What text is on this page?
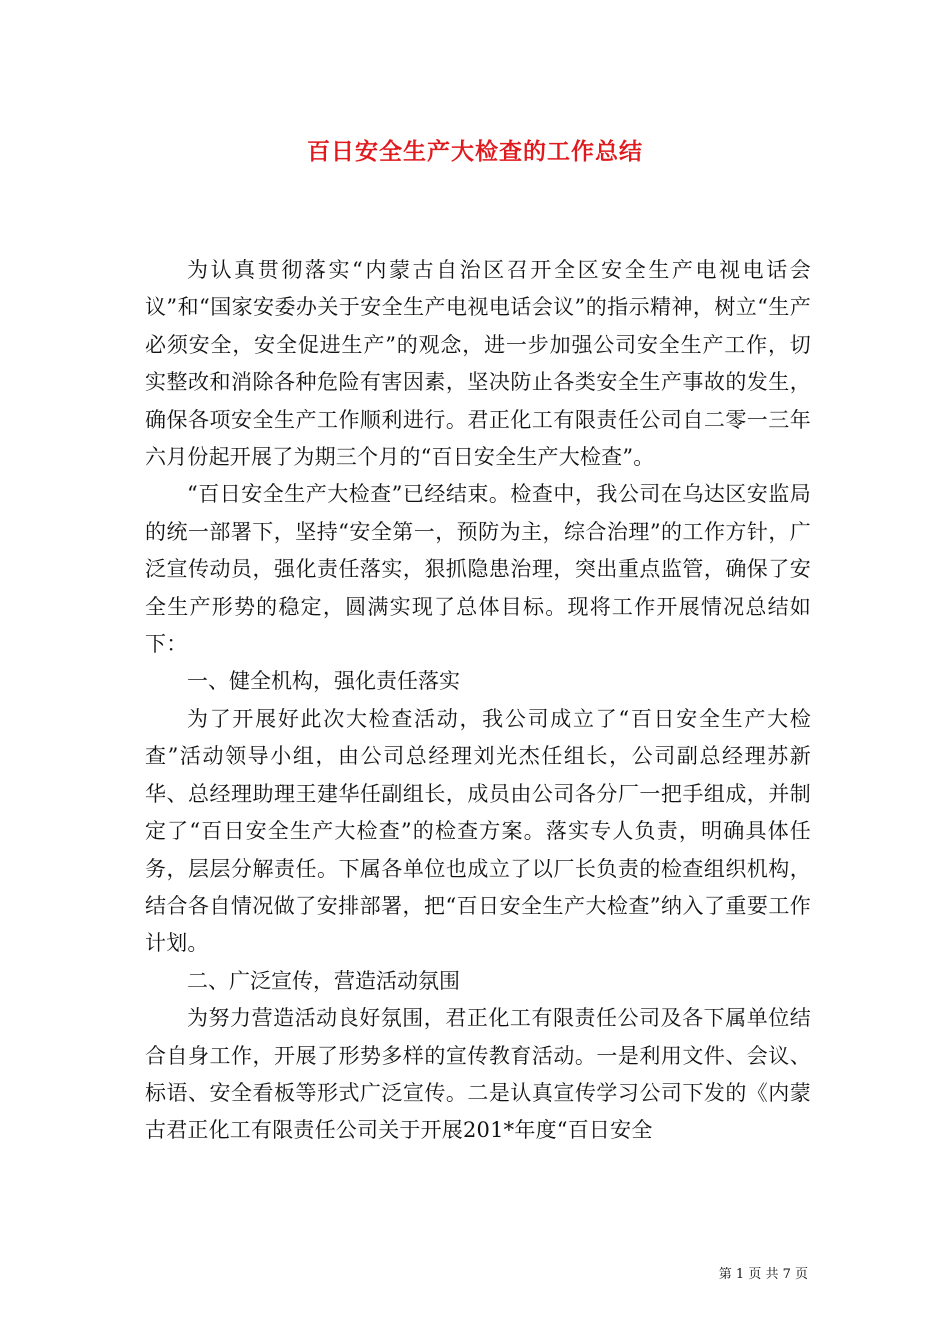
百日安全生产大检查的工作总结

为认真贯彻落实“内蒙古自治区召开全区安全生产电视电话会议”和“国家安委办关于安全生产电视电话会议”的指示精神，树立“生产必须安全，安全促进生产”的观念，进一步加强公司安全生产工作，切实整改和消除各种危险有害因素，坚决防止各类安全生产事故的发生，确保各项安全生产工作顺利进行。君正化工有限责任公司自二零一三年六月份起开展了为期三个月的“百日安全生产大检查”。

“百日安全生产大检查”已经结束。检查中，我公司在乌达区安监局的统一部署下，坚持“安全第一，预防为主，综合治理”的工作方针，广泛宣传动员，强化责任落实，狠抓隐患治理，突出重点监管，确保了安全生产形势的稳定，圆满实现了总体目标。现将工作开展情况总结如下：

一、健全机构，强化责任落实

为了开展好此次大检查活动，我公司成立了“百日安全生产大检查”活动领导小组，由公司总经理刘光杰任组长，公司副总经理苏新华、总经理助理王建华任副组长，成员由公司各分厂一把手组成，并制定了“百日安全生产大检查”的检查方案。落实专人负责，明确具体任务，层层分解责任。下属各单位也成立了以厂长负责的检查组织机构，结合各自情况做了安排部署，把“百日安全生产大检查”纳入了重要工作计划。

二、广泛宣传，营造活动氛围

为努力营造活动良好氛围，君正化工有限责任公司及各下属单位结合自身工作，开展了形势多样的宣传教育活动。一是利用文件、会议、标语、安全看板等形式广泛宣传。二是认真宣传学习公司下发的《内蒙古君正化工有限责任公司关于开展201*年度“百日安全

第 1 页 共 7 页
